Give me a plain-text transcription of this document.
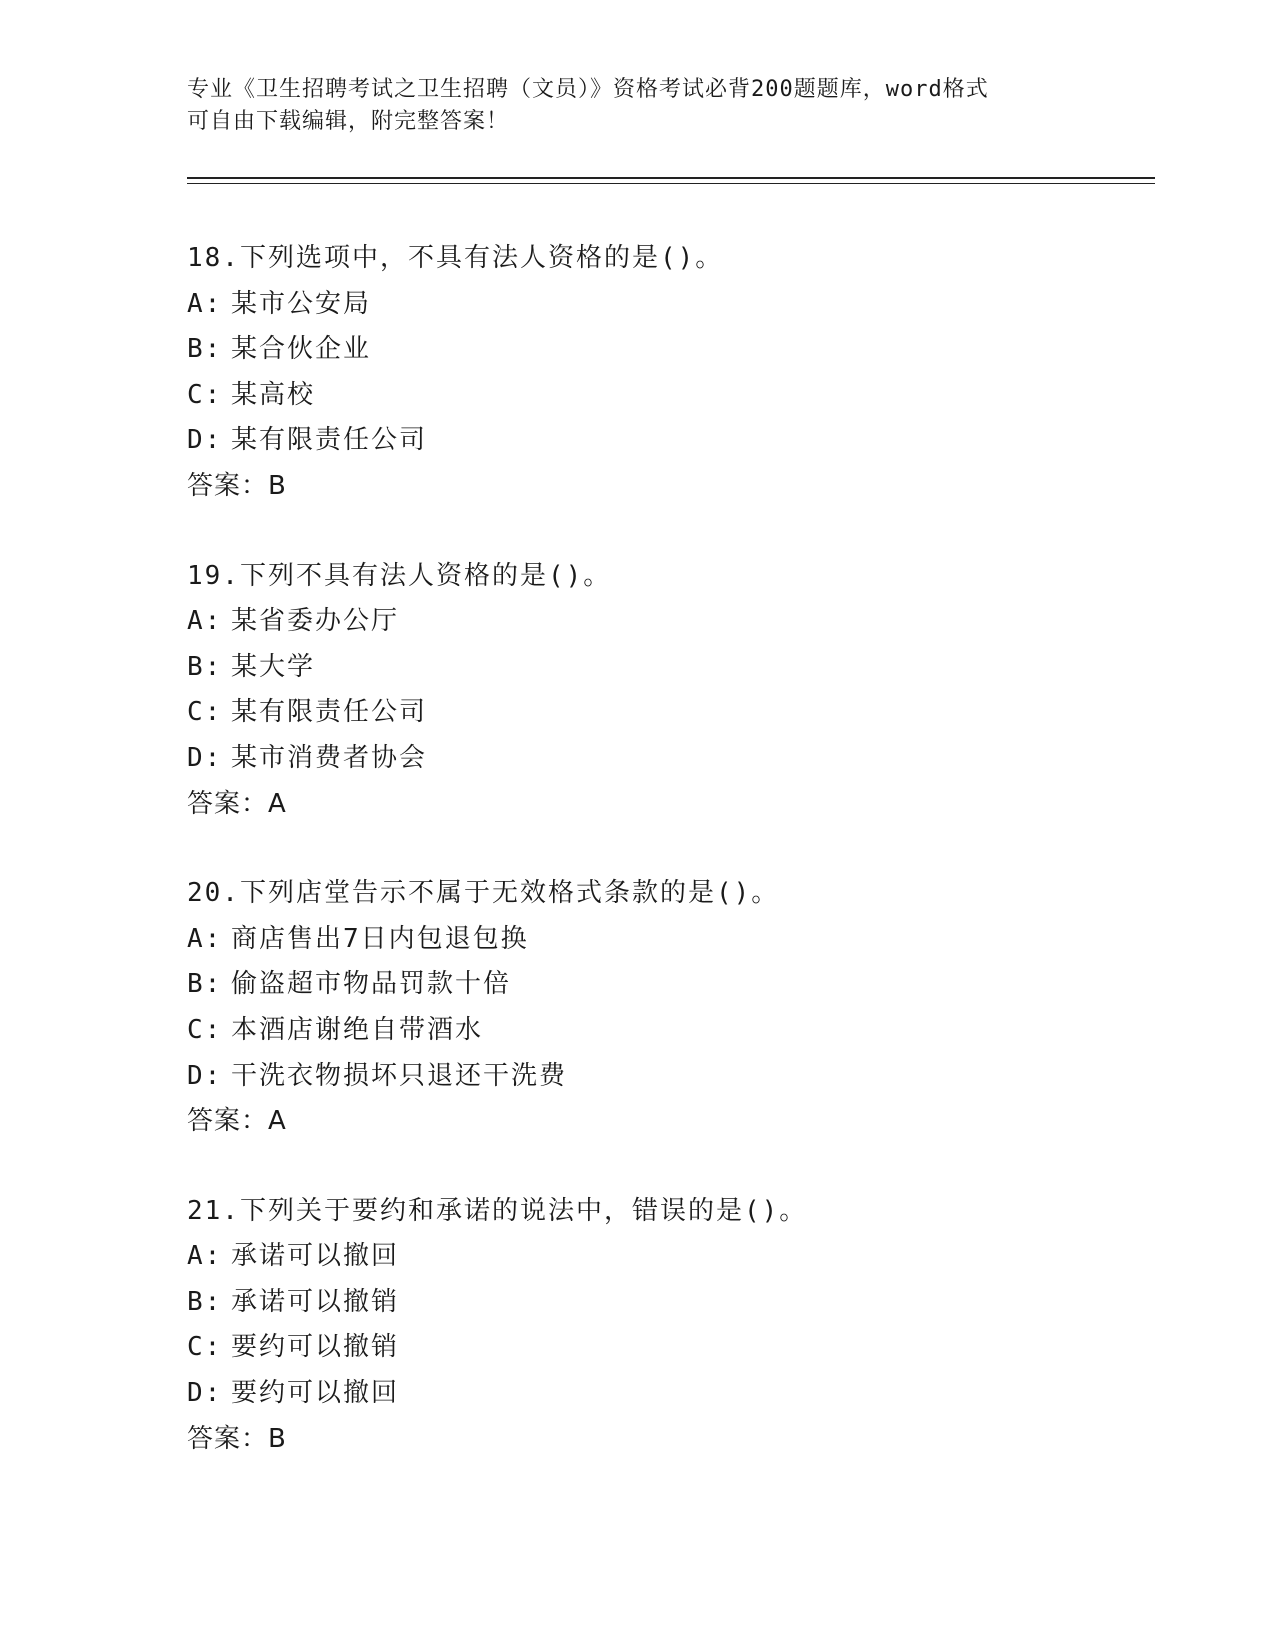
专业《卫生招聘考试之卫生招聘（文员）》资格考试必背200题题库，word格式
可自由下载编辑，附完整答案！
18.下列选项中，不具有法人资格的是()。
A: 某市公安局
B: 某合伙企业
C: 某高校
D: 某有限责任公司
答案：B
19.下列不具有法人资格的是()。
A: 某省委办公厅
B: 某大学
C: 某有限责任公司
D: 某市消费者协会
答案：A
20.下列店堂告示不属于无效格式条款的是()。
A: 商店售出7日内包退包换
B: 偷盗超市物品罚款十倍
C: 本酒店谢绝自带酒水
D: 干洗衣物损坏只退还干洗费
答案：A
21.下列关于要约和承诺的说法中，错误的是()。
A: 承诺可以撤回
B: 承诺可以撤销
C: 要约可以撤销
D: 要约可以撤回
答案：B
